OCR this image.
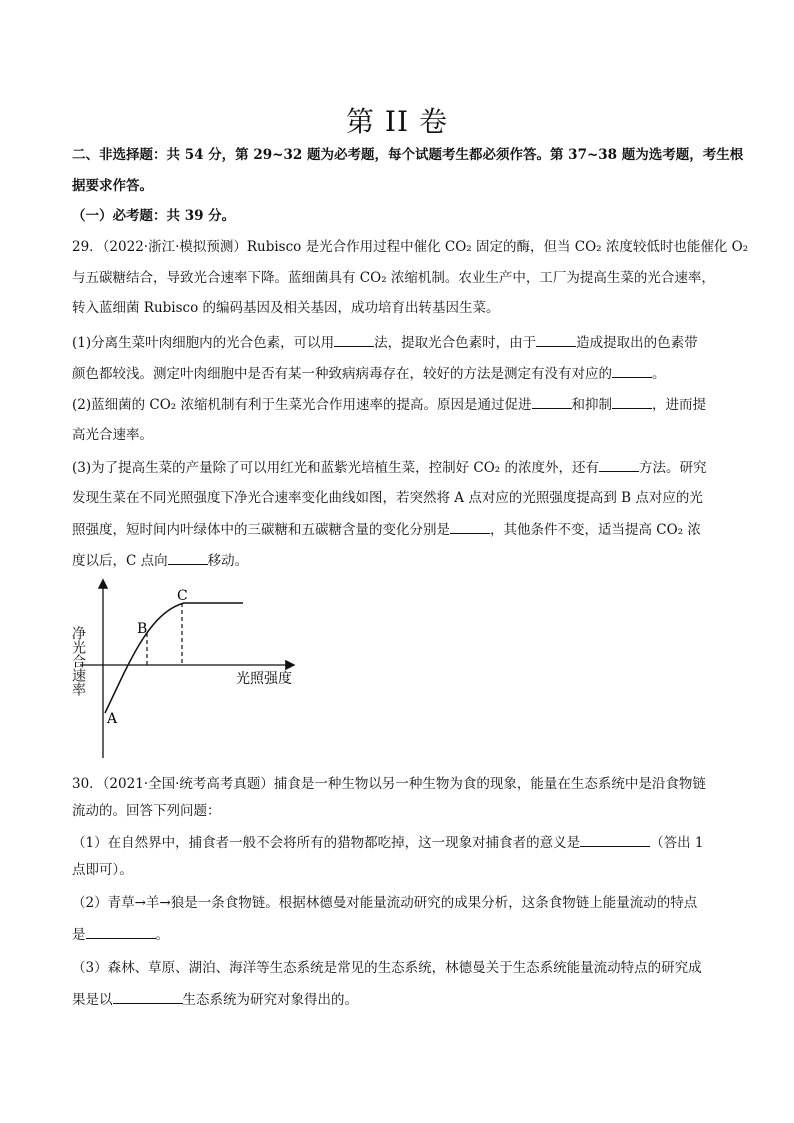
第 II 卷
二、非选择题：共 54 分，第 29~32 题为必考题，每个试题考生都必须作答。第 37~38 题为选考题，考生根
据要求作答。
（一）必考题：共 39 分。
29．（2022·浙江·模拟预测）Rubisco 是光合作用过程中催化 CO₂ 固定的酶，但当 CO₂ 浓度较低时也能催化 O₂
与五碳糖结合，导致光合速率下降。蓝细菌具有 CO₂ 浓缩机制。农业生产中，工厂为提高生菜的光合速率，
转入蓝细菌 Rubisco 的编码基因及相关基因，成功培育出转基因生菜。
(1)分离生菜叶肉细胞内的光合色素，可以用	法，提取光合色素时，由于	造成提取出的色素带
颜色都较浅。测定叶肉细胞中是否有某一种致病病毒存在，较好的方法是测定有没有对应的	。
(2)蓝细菌的 CO₂ 浓缩机制有利于生菜光合作用速率的提高。原因是通过促进	和抑制	，进而提
高光合速率。
(3)为了提高生菜的产量除了可以用红光和蓝紫光培植生菜，控制好 CO₂ 的浓度外，还有	方法。研究
发现生菜在不同光照强度下净光合速率变化曲线如图，若突然将 A 点对应的光照强度提高到 B 点对应的光
照强度，短时间内叶绿体中的三碳糖和五碳糖含量的变化分别是	，其他条件不变，适当提高 CO₂ 浓
度以后，C 点向	移动。
A
B
C
光照强度
净光合速率
30．（2021·全国·统考高考真题）捕食是一种生物以另一种生物为食的现象，能量在生态系统中是沿食物链
流动的。回答下列问题：
（1）在自然界中，捕食者一般不会将所有的猎物都吃掉，这一现象对捕食者的意义是	（答出 1
点即可）。
（2）青草→羊→狼是一条食物链。根据林德曼对能量流动研究的成果分析，这条食物链上能量流动的特点
是	。
（3）森林、草原、湖泊、海洋等生态系统是常见的生态系统，林德曼关于生态系统能量流动特点的研究成
果是以	生态系统为研究对象得出的。
